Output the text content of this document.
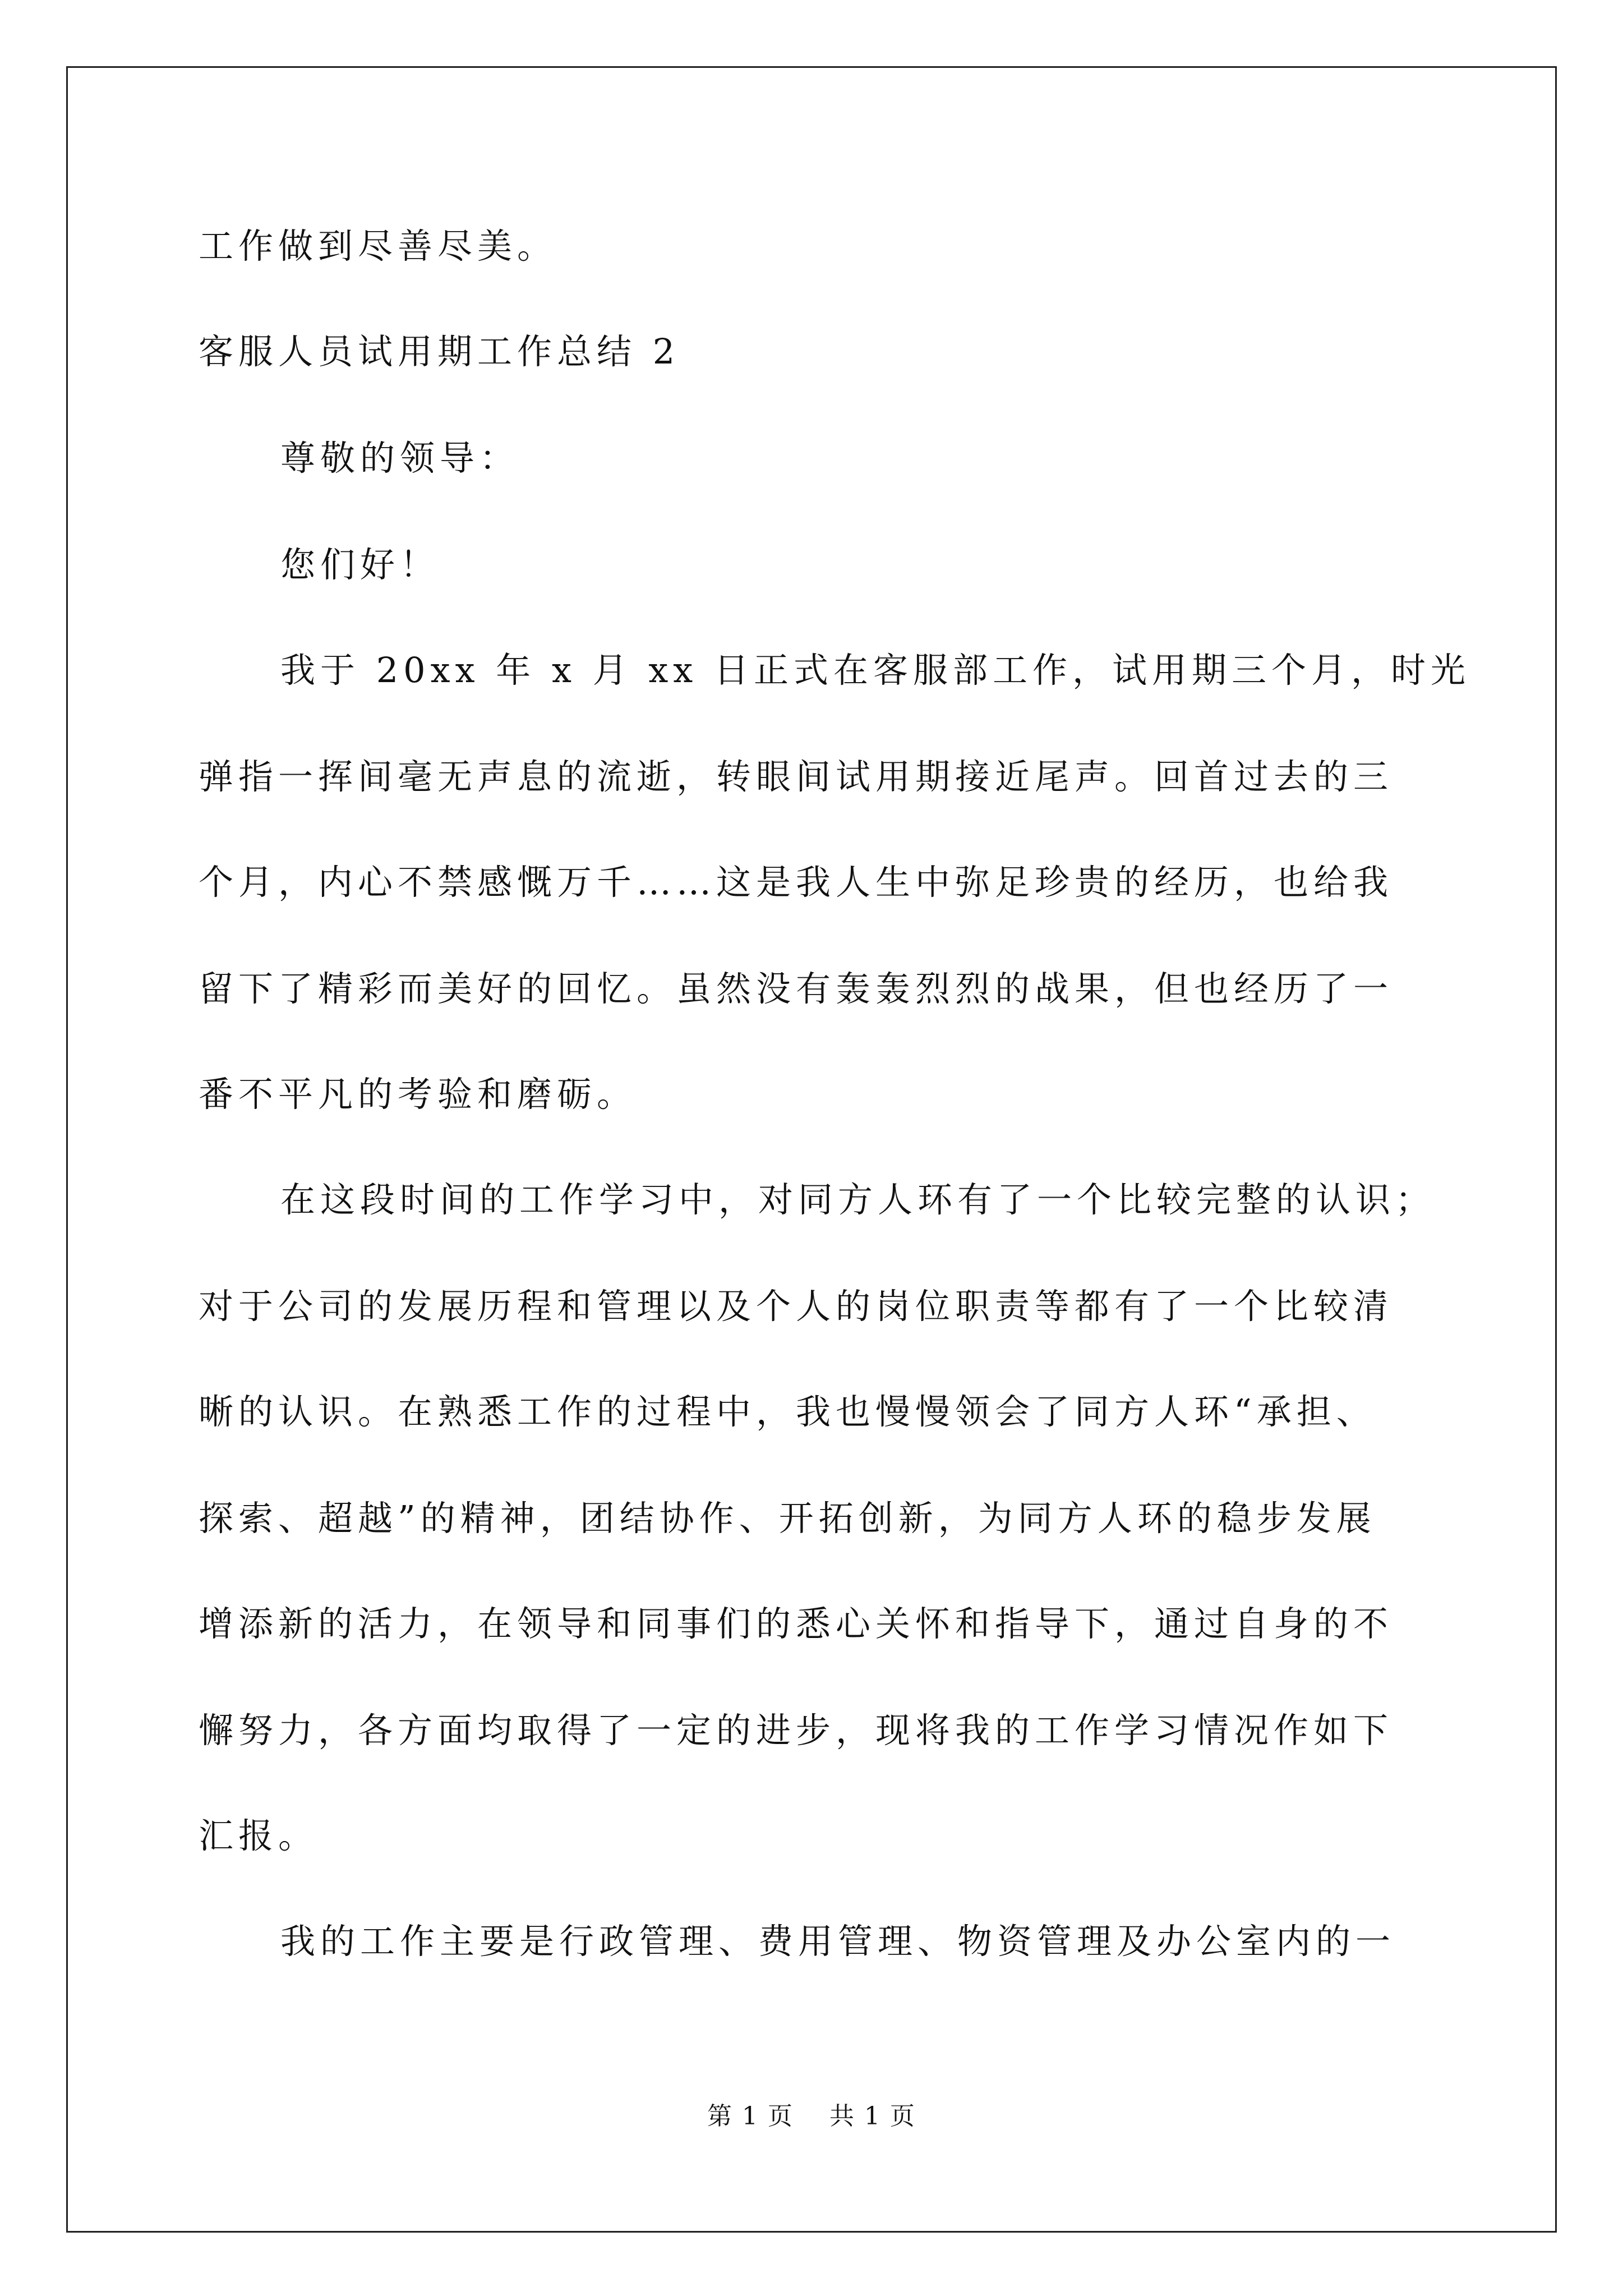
工作做到尽善尽美。
客服人员试用期工作总结 2
尊敬的领导：
您们好！
我于 20xx 年 x 月 xx 日正式在客服部工作，试用期三个月，时光
弹指一挥间毫无声息的流逝，转眼间试用期接近尾声。回首过去的三
个月，内心不禁感慨万千……这是我人生中弥足珍贵的经历，也给我
留下了精彩而美好的回忆。虽然没有轰轰烈烈的战果，但也经历了一
番不平凡的考验和磨砺。
在这段时间的工作学习中，对同方人环有了一个比较完整的认识；
对于公司的发展历程和管理以及个人的岗位职责等都有了一个比较清
晰的认识。在熟悉工作的过程中，我也慢慢领会了同方人环“承担、
探索、超越”的精神，团结协作、开拓创新，为同方人环的稳步发展
增添新的活力，在领导和同事们的悉心关怀和指导下，通过自身的不
懈努力，各方面均取得了一定的进步，现将我的工作学习情况作如下
汇报。
我的工作主要是行政管理、费用管理、物资管理及办公室内的一
第 1 页 共 1 页
